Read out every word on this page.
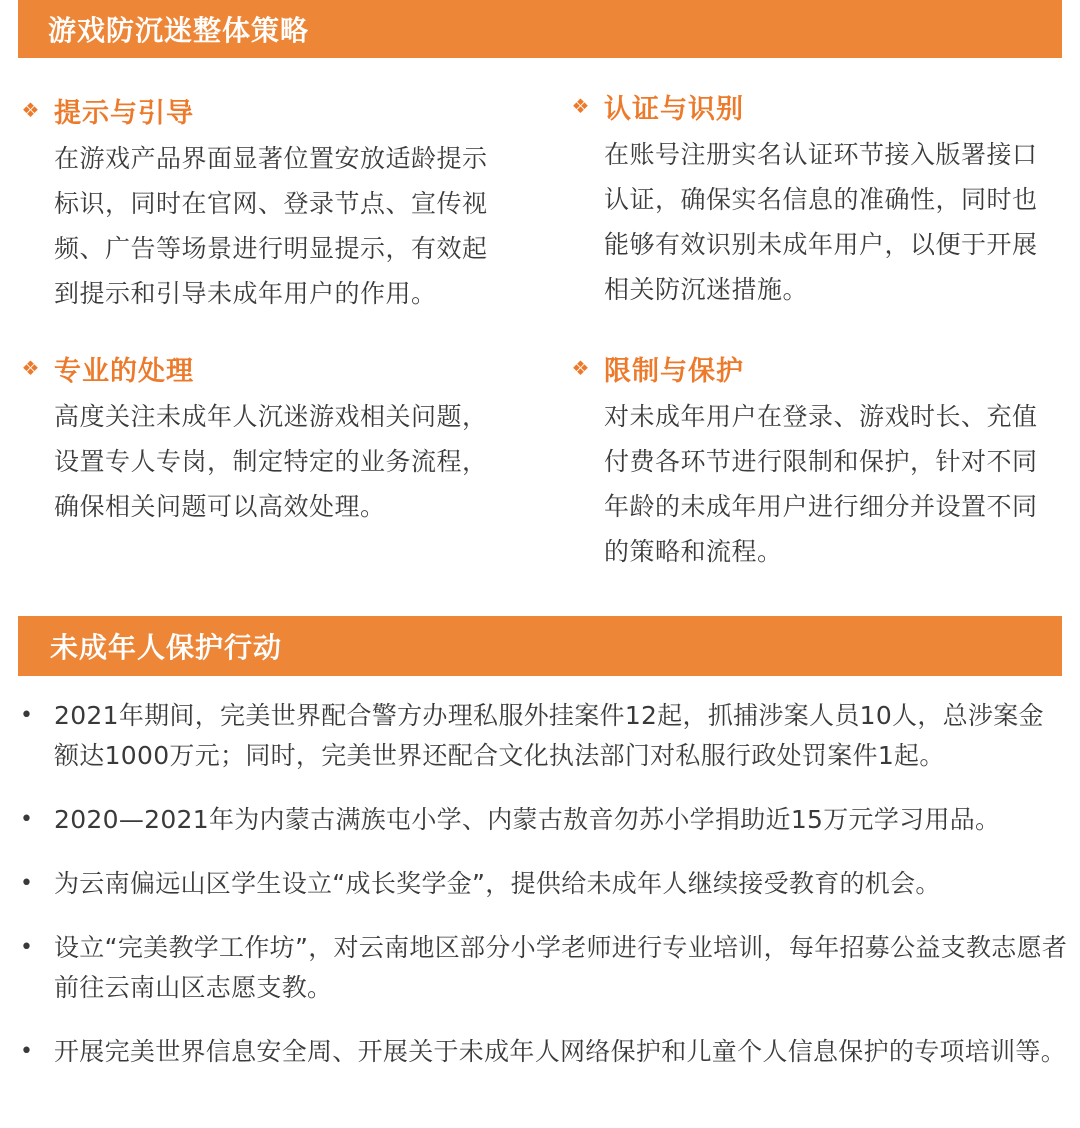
游戏防沉迷整体策略
❖ 提示与引导
在游戏产品界面显著位置安放适龄提示标识，同时在官网、登录节点、宣传视频、广告等场景进行明显提示，有效起到提示和引导未成年用户的作用。
❖ 认证与识别
在账号注册实名认证环节接入版署接口认证，确保实名信息的准确性，同时也能够有效识别未成年用户，以便于开展相关防沉迷措施。
❖ 专业的处理
高度关注未成年人沉迷游戏相关问题，设置专人专岗，制定特定的业务流程，确保相关问题可以高效处理。
❖ 限制与保护
对未成年用户在登录、游戏时长、充值付费各环节进行限制和保护，针对不同年龄的未成年用户进行细分并设置不同的策略和流程。
未成年人保护行动
• 2021年期间，完美世界配合警方办理私服外挂案件12起，抓捕涉案人员10人，总涉案金额达1000万元；同时，完美世界还配合文化执法部门对私服行政处罚案件1起。
• 2020—2021年为内蒙古满族屯小学、内蒙古敖音勿苏小学捐助近15万元学习用品。
• 为云南偏远山区学生设立“成长奖学金”，提供给未成年人继续接受教育的机会。
• 设立“完美教学工作坊”，对云南地区部分小学老师进行专业培训，每年招募公益支教志愿者前往云南山区志愿支教。
• 开展完美世界信息安全周、开展关于未成年人网络保护和儿童个人信息保护的专项培训等。
